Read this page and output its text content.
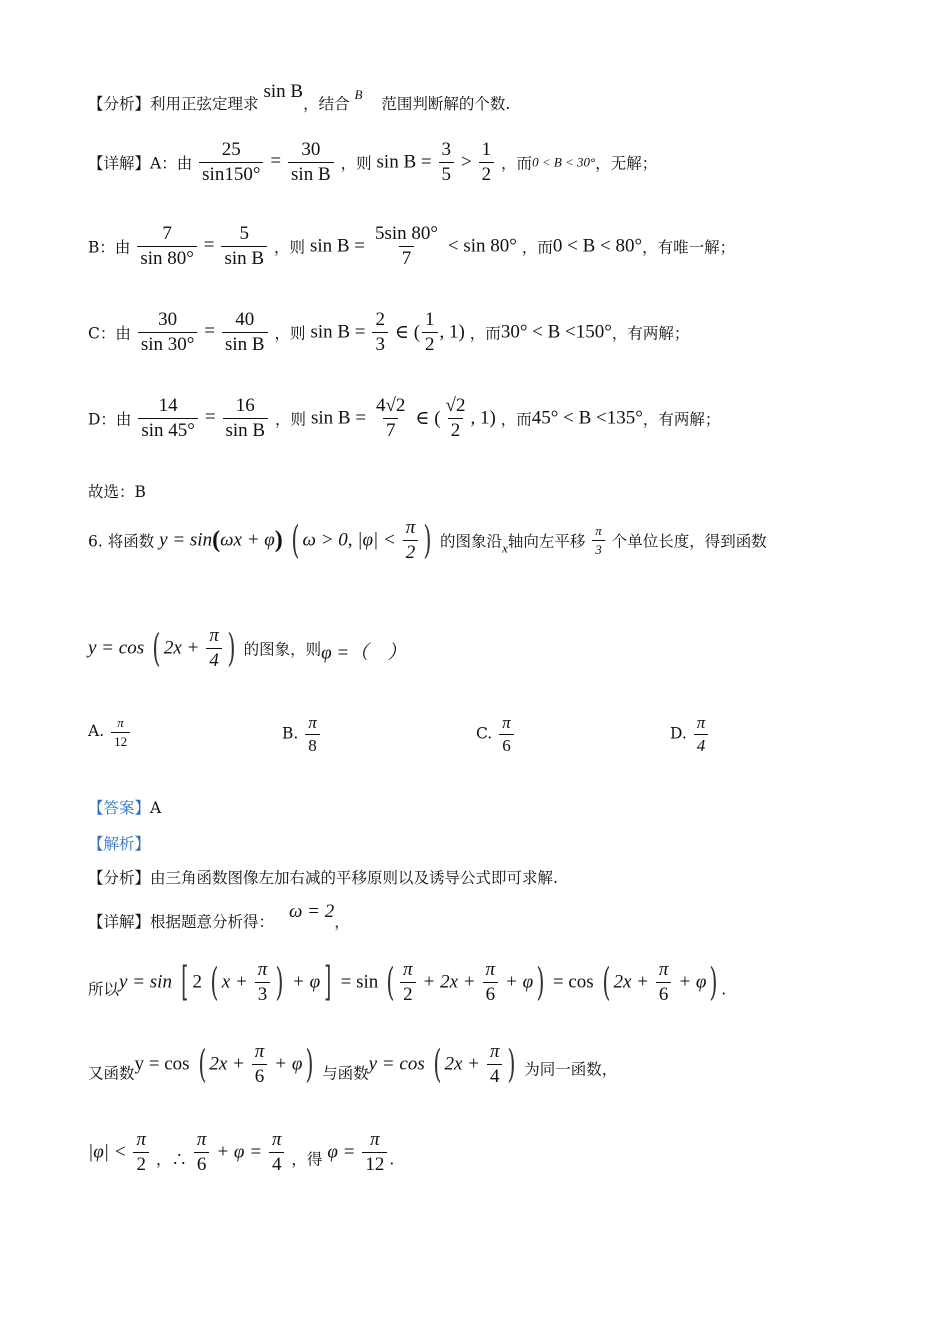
【分析】利用正弦定理求 sin B，结合 $^B$ 范围判断解的个数.
【详解】A：由 $\frac{25}{\sin 150^\circ} = \frac{30}{\text{sin B}}$ ，则 $\sin B = \frac{3}{5} > \frac{1}{2}$ ，而0 < B < 30°，无解；
B：由 $\frac{7}{\sin 80^\circ} = \frac{5}{\text{sin B}}$ ，则 $\sin B = \frac{5\sin 80^\circ}{7} < \sin 80^\circ$ ，而0 < B < 80°，有唯一解；
C：由 $\frac{30}{\sin 30^\circ} = \frac{40}{\text{sin B}}$ ，则 $\sin B = \frac{2}{3}$ ∈ ( $\frac{1}{2}$ , 1) ，而30° < B <150°，有两解；
D：由 $\frac{14}{\sin 45^\circ} = \frac{16}{\text{sin B}}$ ，则 $\sin B = \frac{4√2}{7}$ ∈ ( $\frac{√2}{2}$ , 1) ，而45° < B <135°，有两解；
故选：B
6. 将函数 y = sin(ωx + φ) ( ω > 0, $|\varphi| < \frac{\pi}{2}$ ) 的图象沿$_x$轴向左平移 $\frac{\pi}{3}$ 个单位长度，得到函数
y = cos ( $2x + \frac{\pi}{4}$ ) 的图象，则φ =（　）
A. $\frac{\pi}{12}$	B. $\frac{\pi}{8}$	C. $\frac{\pi}{6}$	D. $\frac{\pi}{4}$
【答案】A
【解析】
【分析】由三角函数图像左加右减的平移原则以及诱导公式即可求解.
【详解】根据题意分析得： ω = 2，
所以y = sin [ 2 ( $x + \frac{\pi}{3}$ ) + φ ] = sin ( $\frac{\pi}{2} + 2x + \frac{\pi}{6} + \varphi) = \cos$ ( $2x + \frac{\pi}{6} + \varphi$) .
又函数y = cos ( $2x + \frac{\pi}{6} + \varphi$) 与函数y = cos ( $2x + \frac{\pi}{4}$ ) 为同一函数，
$|\varphi| < \frac{\pi}{2}$ ，∴ $\frac{\pi}{6} + \varphi = \frac{\pi}{4}$ ，得 $\varphi = \frac{\pi}{12}$ .
